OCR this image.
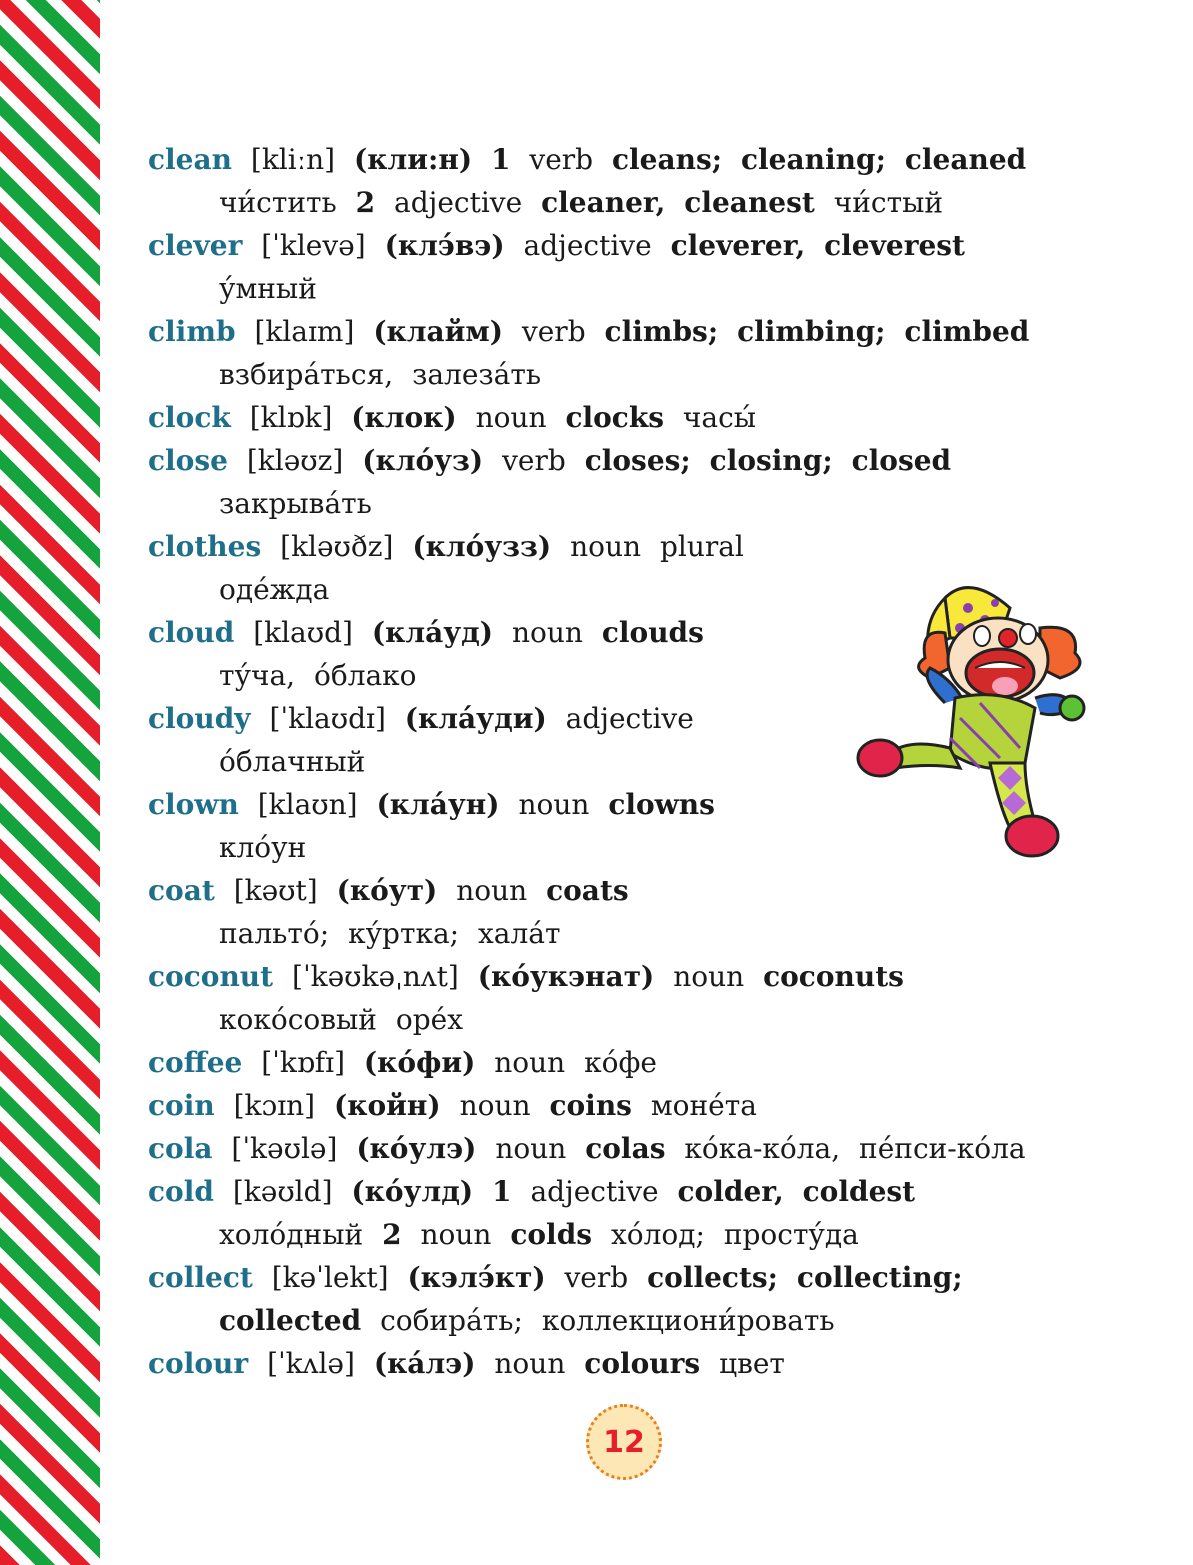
clean [kliːn] (кли:н) 1 verb cleans; cleaning; cleaned
чи́стить 2 adjective cleaner, cleanest чи́стый
clever [ˈklevə] (клэ́вэ) adjective cleverer, cleverest
у́мный
climb [klaɪm] (клайм) verb climbs; climbing; climbed
взбира́ться, залеза́ть
clock [klɒk] (клок) noun clocks часы́
close [kləʊz] (кло́уз) verb closes; closing; closed
закрыва́ть
clothes [kləʊðz] (кло́узз) noun plural
оде́жда
cloud [klaʊd] (кла́уд) noun clouds
ту́ча, о́блако
cloudy [ˈklaʊdɪ] (кла́уди) adjective
о́блачный
clown [klaʊn] (кла́ун) noun clowns
кло́ун
coat [kəʊt] (ко́ут) noun coats
пальто́; ку́ртка; хала́т
coconut [ˈkəʊkəˌnʌt] (ко́укэнат) noun coconuts
коко́совый оре́х
coffee [ˈkɒfɪ] (ко́фи) noun ко́фе
coin [kɔɪn] (койн) noun coins моне́та
cola [ˈkəʊlə] (ко́улэ) noun colas ко́ка-ко́ла, пе́пси-ко́ла
cold [kəʊld] (ко́улд) 1 adjective colder, coldest
холо́дный 2 noun colds хо́лод; просту́да
collect [kəˈlekt] (кэлэ́кт) verb collects; collecting;
collected собира́ть; коллекциони́ровать
colour [ˈkʌlə] (ка́лэ) noun colours цвет
12
